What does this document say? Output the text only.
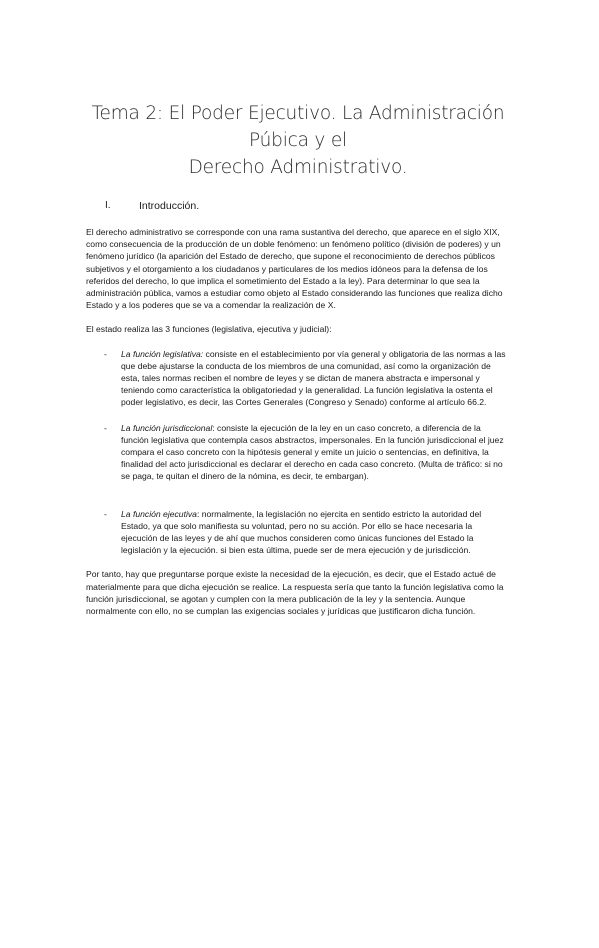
Tema 2: El Poder Ejecutivo. La Administración Púbica y el
Derecho Administrativo.
I.	Introducción.

El derecho administrativo se corresponde con una rama sustantiva del derecho, que aparece en el siglo XIX, como consecuencia de la producción de un doble fenómeno: un fenómeno político (división de poderes) y un fenómeno jurídico (la aparición del Estado de derecho, que supone el reconocimiento de derechos públicos subjetivos y el otorgamiento a los ciudadanos y particulares de los medios idóneos para la defensa de los referidos del derecho, lo que implica el sometimiento del Estado a la ley). Para determinar lo que sea la administración pública, vamos a estudiar como objeto al Estado considerando las funciones que realiza dicho Estado y a los poderes que se va a comendar la realización de X.

El estado realiza las 3 funciones (legislativa, ejecutiva y judicial):

-	La función legislativa: consiste en el establecimiento por vía general y obligatoria de las normas a las que debe ajustarse la conducta de los miembros de una comunidad, así como la organización de esta, tales normas reciben el nombre de leyes y se dictan de manera abstracta e impersonal y teniendo como característica la obligatoriedad y la generalidad. La función legislativa la ostenta el poder legislativo, es decir, las Cortes Generales (Congreso y Senado) conforme al artículo 66.2.
-	La función jurisdiccional: consiste la ejecución de la ley en un caso concreto, a diferencia de la función legislativa que contempla casos abstractos, impersonales. En la función jurisdiccional el juez compara el caso concreto con la hipótesis general y emite un juicio o sentencias, en definitiva, la finalidad del acto jurisdiccional es declarar el derecho en cada caso concreto. (Multa de tráfico: si no se paga, te quitan el dinero de la nómina, es decir, te embargan).
-	La función ejecutiva: normalmente, la legislación no ejercita en sentido estricto la autoridad del Estado, ya que solo manifiesta su voluntad, pero no su acción. Por ello se hace necesaria la ejecución de las leyes y de ahí que muchos consideren como únicas funciones del Estado la legislación y la ejecución. si bien esta última, puede ser de mera ejecución y de jurisdicción.

Por tanto, hay que preguntarse porque existe la necesidad de la ejecución, es decir, que el Estado actué de materialmente para que dicha ejecución se realice. La respuesta sería que tanto la función legislativa como la función jurisdiccional, se agotan y cumplen con la mera publicación de la ley y la sentencia. Aunque normalmente con ello, no se cumplan las exigencias sociales y jurídicas que justificaron dicha función.
